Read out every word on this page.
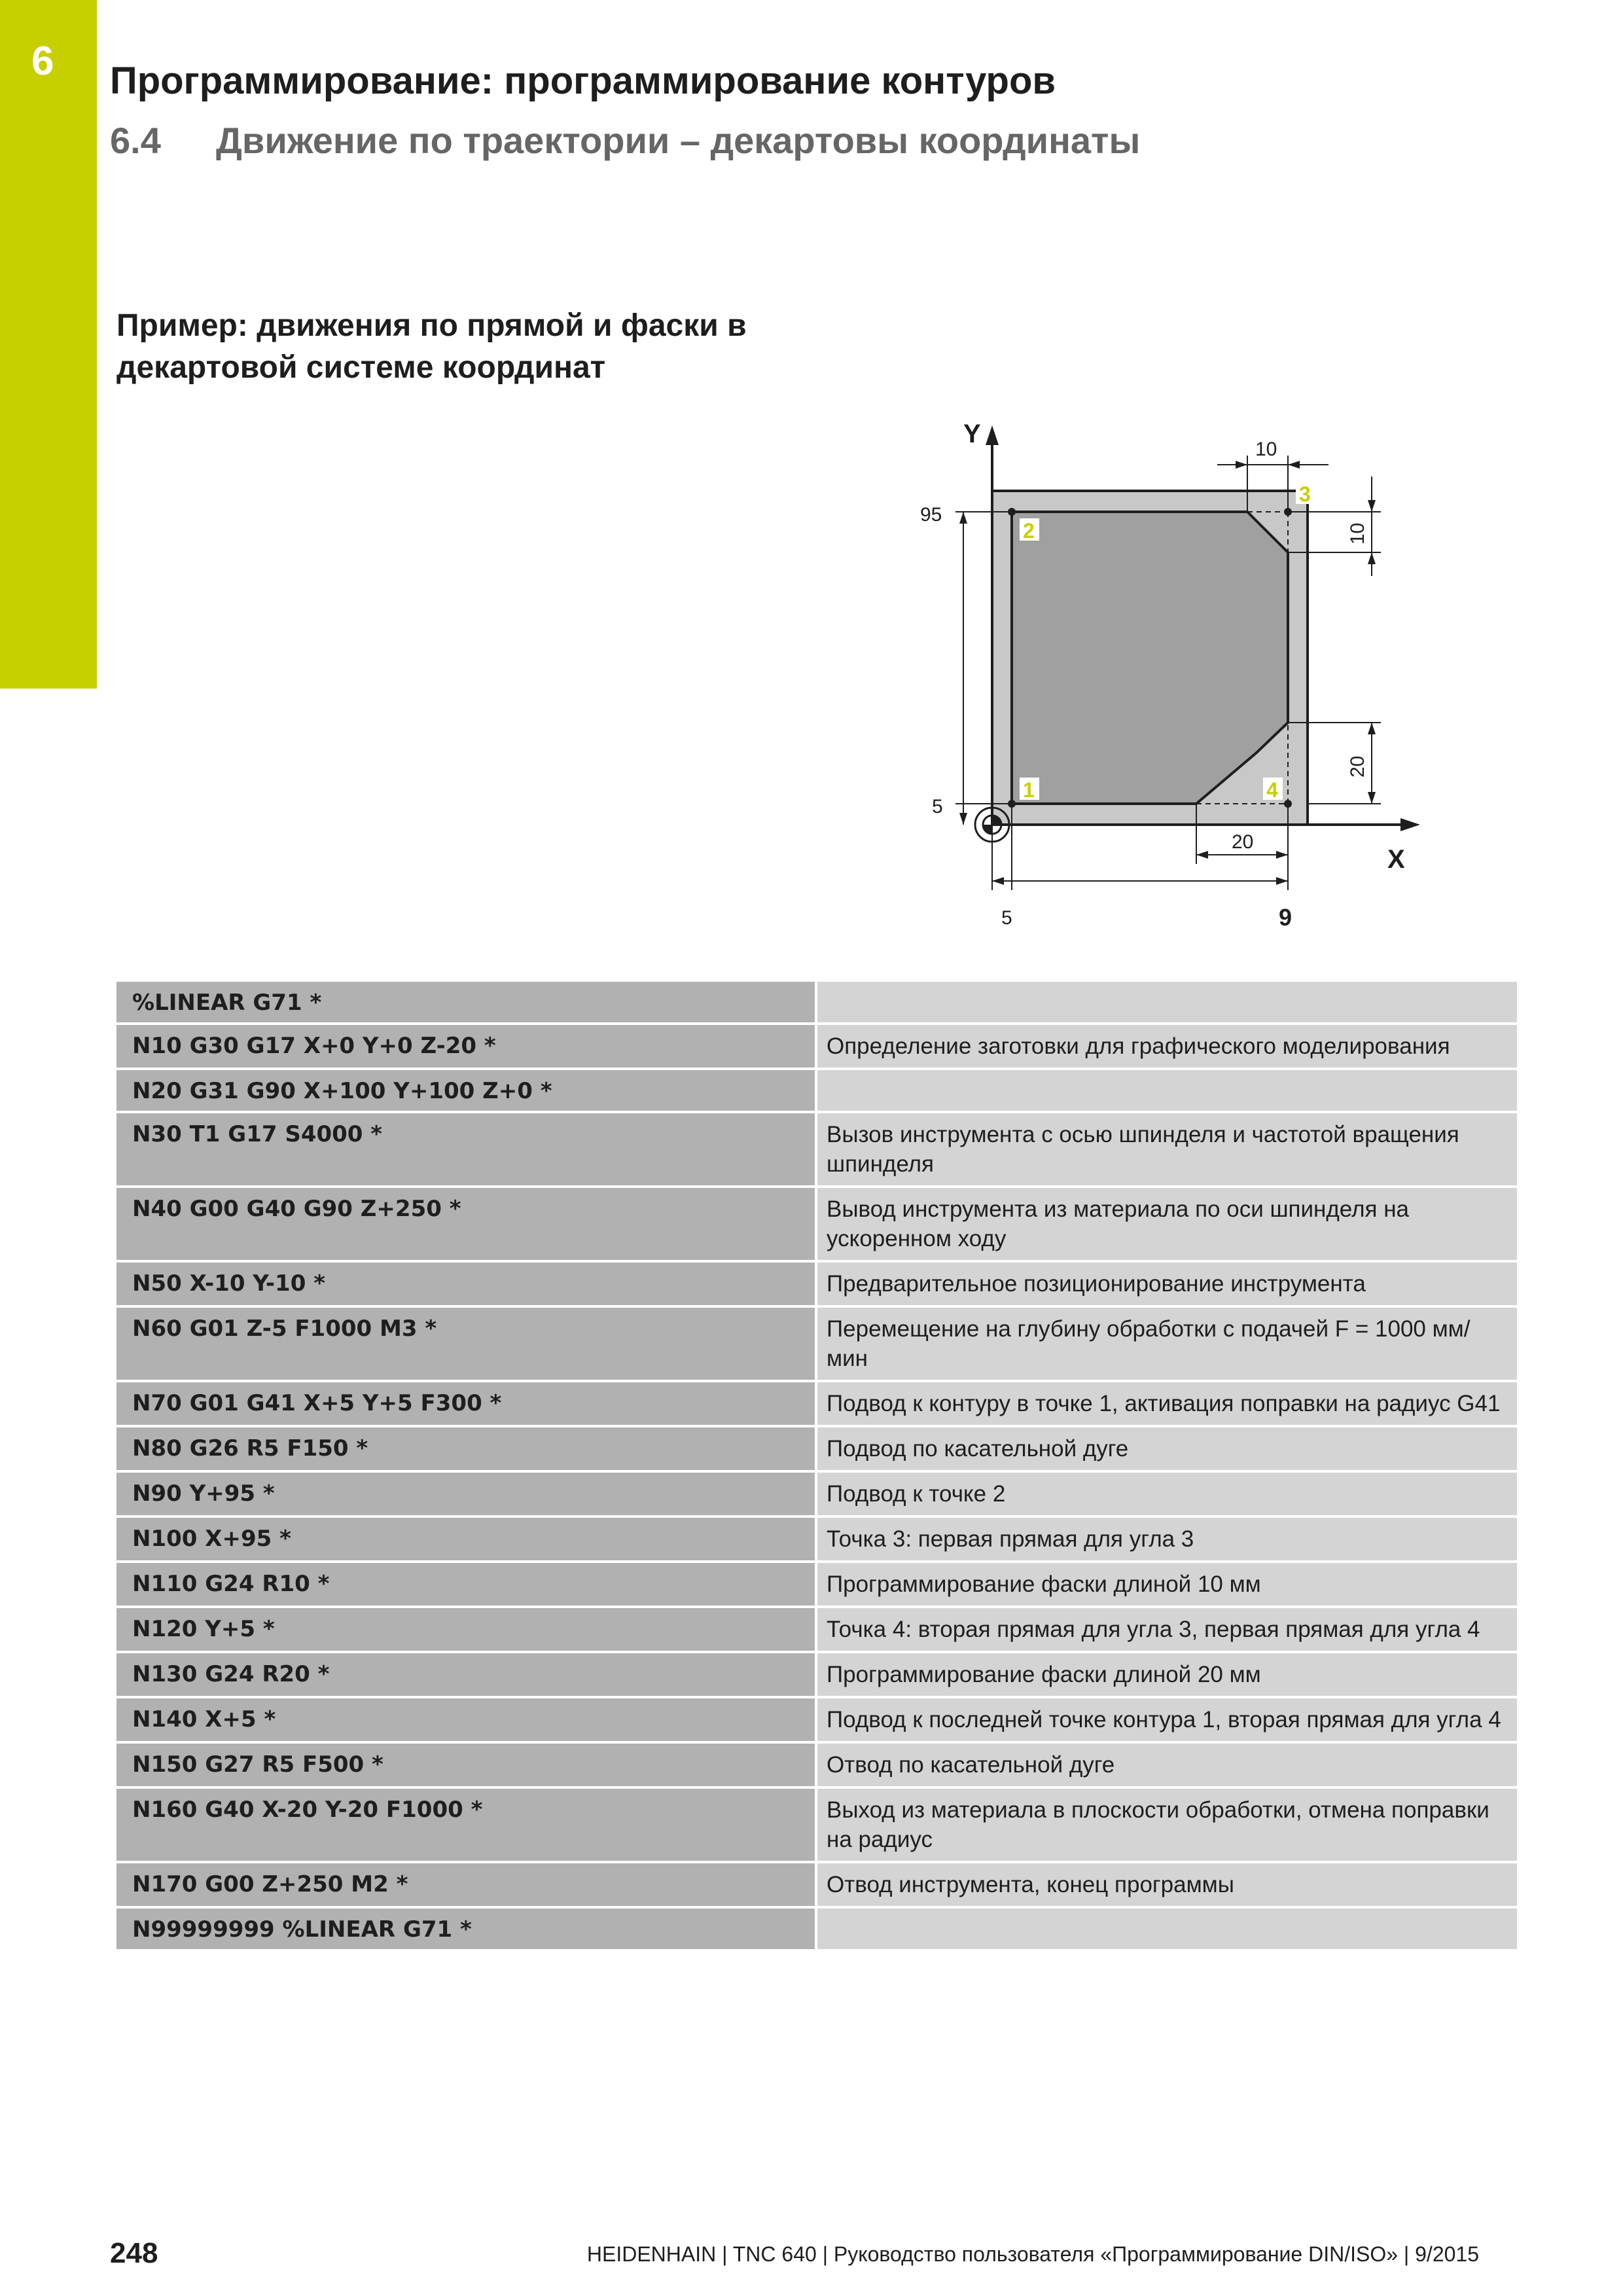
6 Программирование: программирование контуров
6.4 Движение по траектории – декартовы координаты
Пример: движения по прямой и фаски в декартовой системе координат
Y
X
95
5
5	9
20
10
10
20
1
2
3
4
%LINEAR G71 *
N10 G30 G17 X+0 Y+0 Z-20 *	Определение заготовки для графического моделирования
N20 G31 G90 X+100 Y+100 Z+0 *
N30 T1 G17 S4000 *	Вызов инструмента с осью шпинделя и частотой вращения шпинделя
N40 G00 G40 G90 Z+250 *	Вывод инструмента из материала по оси шпинделя на ускоренном ходу
N50 X-10 Y-10 *	Предварительное позиционирование инструмента
N60 G01 Z-5 F1000 M3 *	Перемещение на глубину обработки с подачей F = 1000 мм/мин
N70 G01 G41 X+5 Y+5 F300 *	Подвод к контуру в точке 1, активация поправки на радиус G41
N80 G26 R5 F150 *	Подвод по касательной дуге
N90 Y+95 *	Подвод к точке 2
N100 X+95 *	Точка 3: первая прямая для угла 3
N110 G24 R10 *	Программирование фаски длиной 10 мм
N120 Y+5 *	Точка 4: вторая прямая для угла 3, первая прямая для угла 4
N130 G24 R20 *	Программирование фаски длиной 20 мм
N140 X+5 *	Подвод к последней точке контура 1, вторая прямая для угла 4
N150 G27 R5 F500 *	Отвод по касательной дуге
N160 G40 X-20 Y-20 F1000 *	Выход из материала в плоскости обработки, отмена поправки на радиус
N170 G00 Z+250 M2 *	Отвод инструмента, конец программы
N99999999 %LINEAR G71 *
248	HEIDENHAIN | TNC 640 | Руководство пользователя «Программирование DIN/ISO» | 9/2015
